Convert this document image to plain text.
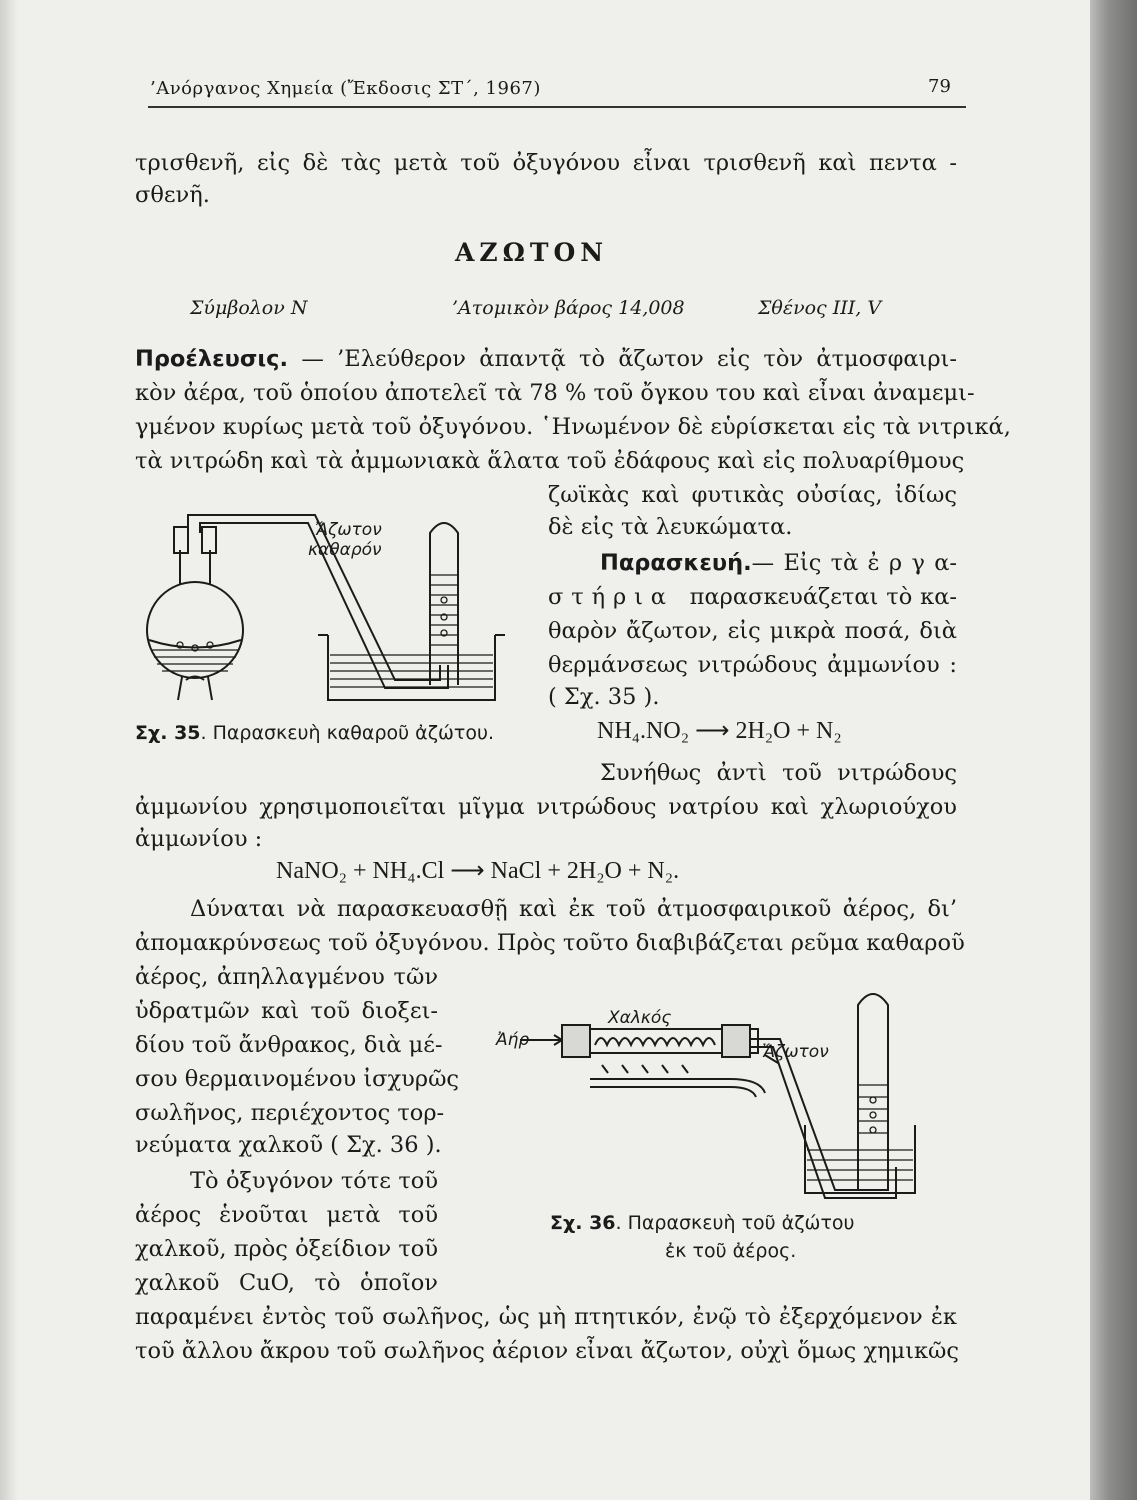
’Ανόργανος Χημεία (Ἔκδοσις ΣΤ΄, 1967)	79
τρισθενῆ, εἰς δὲ τὰς μετὰ τοῦ ὀξυγόνου εἶναι τρισθενῆ καὶ πεντα -
σθενῆ.
ΑΖΩΤΟΝ
Σύμβολον N	’Ατομικὸν βάρος 14,008	Σθένος III, V
Προέλευσις. — ’Ελεύθερον ἀπαντᾷ τὸ ἄζωτον εἰς τὸν ἀτμοσφαιρι-
κὸν ἀέρα, τοῦ ὁποίου ἀποτελεῖ τὰ 78 % τοῦ ὄγκου του καὶ εἶναι ἀναμεμι-
γμένον κυρίως μετὰ τοῦ ὀξυγόνου. ῾Ηνωμένον δὲ εὑρίσκεται εἰς τὰ νιτρικά,
τὰ νιτρώδη καὶ τὰ ἀμμωνιακὰ ἅλατα τοῦ ἐδάφους καὶ εἰς πολυαρίθμους
ζωϊκὰς καὶ φυτικὰς οὐσίας, ἰδίως
δὲ εἰς τὰ λευκώματα.
Παρασκευή.— Εἰς τὰ ἐ ρ γ α-
σ τ ή ρ ι α   παρασκευάζεται τὸ κα-
θαρὸν ἄζωτον, εἰς μικρὰ ποσά, διὰ
θερμάνσεως νιτρώδους ἀμμωνίου :
( Σχ. 35 ).
Ἄζωτον
καθαρόν
Σχ. 35. Παρασκευὴ καθαροῦ ἀζώτου.	NH₄.NO₂ ⟶ 2H₂O + N₂
Συνήθως ἀντὶ τοῦ νιτρώδους
ἀμμωνίου χρησιμοποιεῖται μῖγμα νιτρώδους νατρίου καὶ χλωριούχου
ἀμμωνίου :
NaNO₂ + NH₄.Cl ⟶ NaCl + 2H₂O + N₂.
Δύναται νὰ παρασκευασθῇ καὶ ἐκ τοῦ ἀτμοσφαιρικοῦ ἀέρος, δι’
ἀπομακρύνσεως τοῦ ὀξυγόνου. Πρὸς τοῦτο διαβιβάζεται ρεῦμα καθαροῦ
ἀέρος, ἀπηλλαγμένου τῶν
ὑδρατμῶν καὶ τοῦ διοξει-
δίου τοῦ ἄνθρακος, διὰ μέ-
σου θερμαινομένου ἰσχυρῶς
σωλῆνος, περιέχοντος τορ-
νεύματα χαλκοῦ ( Σχ. 36 ).
Τὸ ὀξυγόνον τότε τοῦ
ἀέρος ἑνοῦται μετὰ τοῦ
χαλκοῦ, πρὸς ὀξείδιον τοῦ
χαλκοῦ CuO, τὸ ὁποῖον
Χαλκός
Ἀήρ
Ἄζωτον
Σχ. 36. Παρασκευὴ τοῦ ἀζώτου
ἐκ τοῦ ἀέρος.
παραμένει ἐντὸς τοῦ σωλῆνος, ὡς μὴ πτητικόν, ἐνῷ τὸ ἐξερχόμενον ἐκ
τοῦ ἄλλου ἄκρου τοῦ σωλῆνος ἀέριον εἶναι ἄζωτον, οὐχὶ ὅμως χημικῶς
